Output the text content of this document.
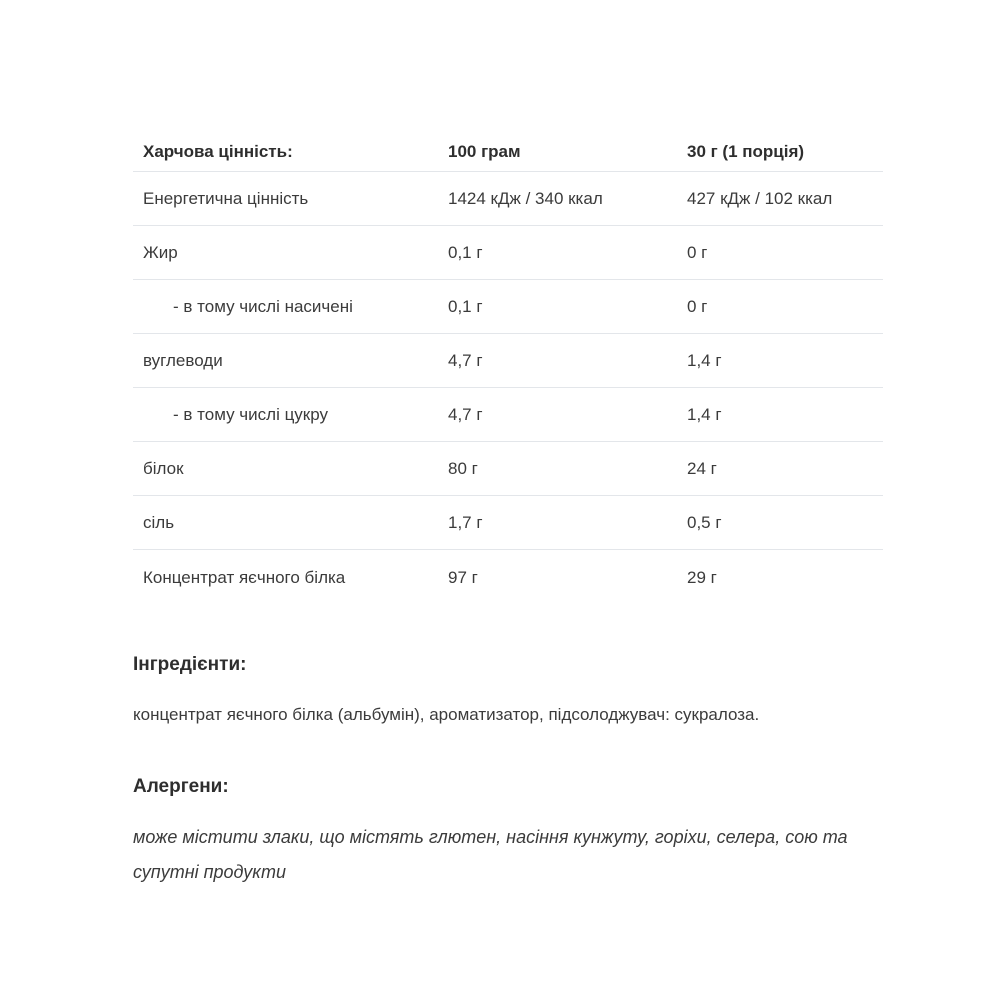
Харчова цінність:	100 грам	30 г (1 порція)
Енергетична цінність	1424 кДж / 340 ккал	427 кДж / 102 ккал
Жир	0,1 г	0 г
- в тому числі насичені	0,1 г	0 г
вуглеводи	4,7 г	1,4 г
- в тому числі цукру	4,7 г	1,4 г
білок	80 г	24 г
сіль	1,7 г	0,5 г
Концентрат яєчного білка	97 г	29 г
Інгредієнти:
концентрат яєчного білка (альбумін), ароматизатор, підсолоджувач: сукралоза.
Алергени:
може містити злаки, що містять глютен, насіння кунжуту, горіхи, селера, сою та супутні продукти
